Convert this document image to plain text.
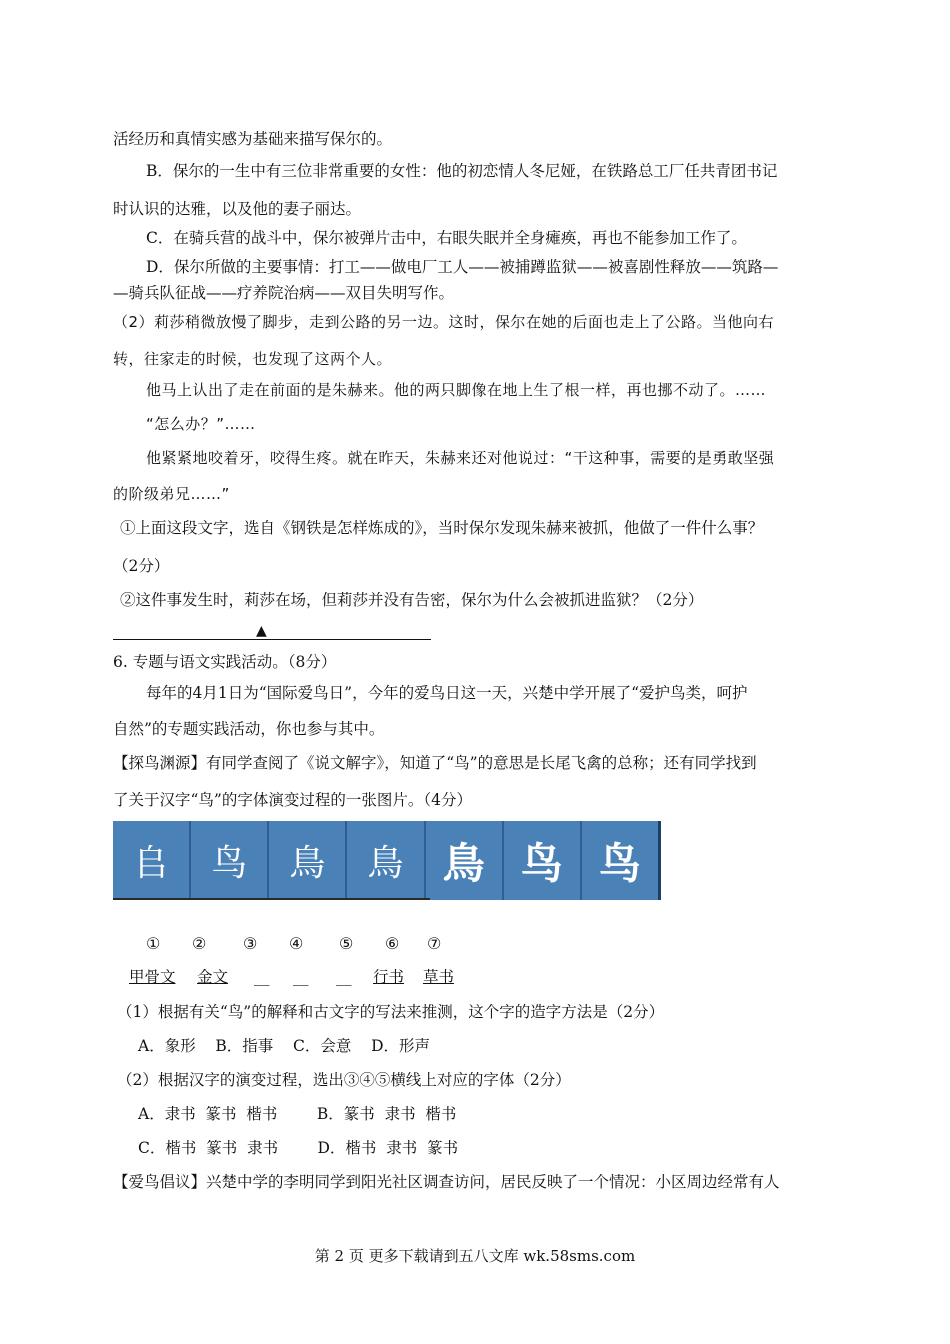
活经历和真情实感为基础来描写保尔的。
B．保尔的一生中有三位非常重要的女性：他的初恋情人冬尼娅，在铁路总工厂任共青团书记
时认识的达雅，以及他的妻子丽达。
C．在骑兵营的战斗中，保尔被弹片击中，右眼失眠并全身瘫痪，再也不能参加工作了。
D．保尔所做的主要事情：打工——做电厂工人——被捕蹲监狱——被喜剧性释放——筑路—
—骑兵队征战——疗养院治病——双目失明写作。
（2）莉莎稍微放慢了脚步，走到公路的另一边。这时，保尔在她的后面也走上了公路。当他向右
转，往家走的时候，也发现了这两个人。
他马上认出了走在前面的是朱赫来。他的两只脚像在地上生了根一样，再也挪不动了。……
“怎么办？”……
他紧紧地咬着牙，咬得生疼。就在昨天，朱赫来还对他说过：“干这种事，需要的是勇敢坚强
的阶级弟兄……”
①上面这段文字，选自《钢铁是怎样炼成的》，当时保尔发现朱赫来被抓，他做了一件什么事？
（2分）
②这件事发生时，莉莎在场，但莉莎并没有告密，保尔为什么会被抓进监狱？（2分）
▲
6. 专题与语文实践活动。（8分）
每年的4月1日为“国际爱鸟日”，今年的爱鸟日这一天，兴楚中学开展了“爱护鸟类，呵护
自然”的专题实践活动，你也参与其中。
【探鸟渊源】有同学查阅了《说文解字》，知道了“鸟”的意思是长尾飞禽的总称；还有同学找到
了关于汉字“鸟”的字体演变过程的一张图片。（4分）
𠂤	鸟	鳥	鳥 鳥 鸟 鸟
① ② ③ ④ ⑤ ⑥ ⑦
甲骨文 金文 __ __ __ 行书 草书
（1）根据有关“鸟”的解释和古文字的写法来推测，这个字的造字方法是（2分）
A．象形    B．指事    C．会意    D．形声
（2）根据汉字的演变过程，选出③④⑤横线上对应的字体（2分）
A．隶书  篆书  楷书        B．篆书  隶书  楷书
C．楷书  篆书  隶书        D．楷书  隶书  篆书
【爱鸟倡议】兴楚中学的李明同学到阳光社区调查访问，居民反映了一个情况：小区周边经常有人
第 2 页 更多下载请到五八文库 wk.58sms.com
